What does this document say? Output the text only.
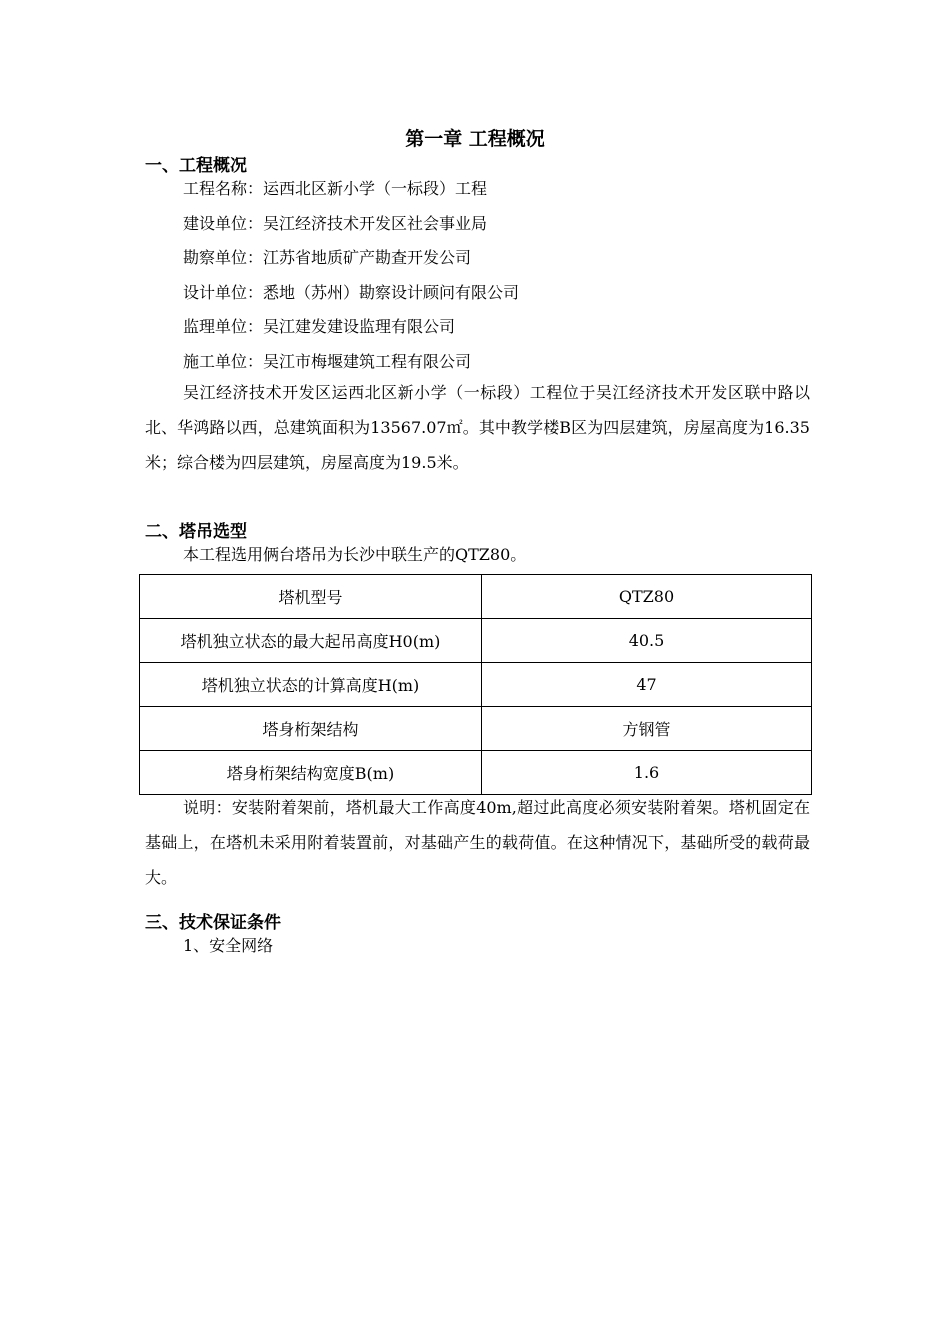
第一章 工程概况
一、工程概况
工程名称：运西北区新小学（一标段）工程
建设单位：吴江经济技术开发区社会事业局
勘察单位：江苏省地质矿产勘查开发公司
设计单位：悉地（苏州）勘察设计顾问有限公司
监理单位：吴江建发建设监理有限公司
施工单位：吴江市梅堰建筑工程有限公司
吴江经济技术开发区运西北区新小学（一标段）工程位于吴江经济技术开发区联中路以北、华鸿路以西，总建筑面积为13567.07㎡。其中教学楼B区为四层建筑，房屋高度为16.35米；综合楼为四层建筑，房屋高度为19.5米。
二、塔吊选型
本工程选用俩台塔吊为长沙中联生产的QTZ80。
塔机型号	QTZ80
塔机独立状态的最大起吊高度H0(m)	40.5
塔机独立状态的计算高度H(m)	47
塔身桁架结构	方钢管
塔身桁架结构宽度B(m)	1.6
说明：安装附着架前，塔机最大工作高度40m,超过此高度必须安装附着架。塔机固定在基础上，在塔机未采用附着装置前，对基础产生的载荷值。在这种情况下，基础所受的载荷最大。
三、技术保证条件
1、安全网络
